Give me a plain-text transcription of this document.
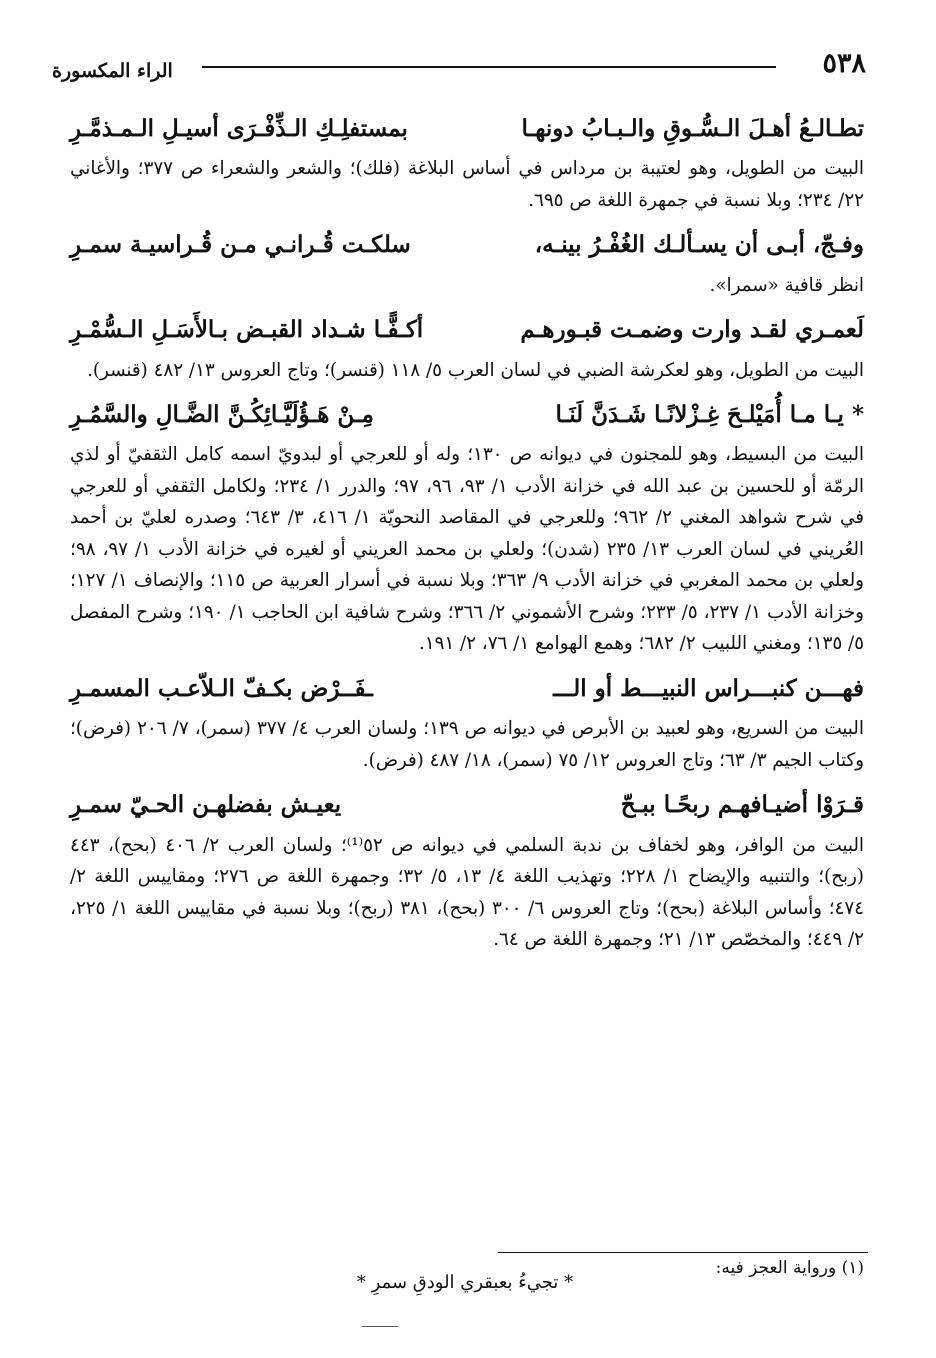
٥٣٨
الراء المكسورة
تطـالـعُ أهـلَ الـسُّـوقِ والـبـابُ دونهـا
بمستفلِـكِ الـذِّفْـرَى أسيـلِ الـمـذمَّـرِ

البيت من الطويل، وهو لعتيبة بن مرداس في أساس البلاغة (فلك)؛ والشعر والشعراء ص ٣٧٧؛ والأغاني ٢٢/ ٢٣٤؛ وبلا نسبة في جمهرة اللغة ص ٦٩٥.

وفـجّ، أبـى أن يسـألـك الغُفْـرُ بينـه،
سلكـت قُـرانـي مـن قُـراسيـة سمـرِ

انظر قافية «سمرا».

لَعمـري لقـد وارت وضمـت قبـورهـم
أكـفًّـا شـداد القبـض بـالأَسَـلِ الـسُّمْـرِ

البيت من الطويل، وهو لعكرشة الضبي في لسان العرب ٥/ ١١٨ (قنسر)؛ وتاج العروس ١٣/ ٤٨٢ (قنسر).

* يـا مـا أُمَيْلـحَ غِـزْلانًـا شَـدَنَّ لَنَـا
مِـنْ هَـؤُلَيَّـائِكُـنَّ الضَّـالِ والسَّمُـرِ

البيت من البسيط، وهو للمجنون في ديوانه ص ١٣٠؛ وله أو للعرجي أو لبدويّ اسمه كامل الثقفيّ أو لذي الرمّة أو للحسين بن عبد الله في خزانة الأدب ١/ ٩٣، ٩٦، ٩٧؛ والدرر ١/ ٢٣٤؛ ولكامل الثقفي أو للعرجي في شرح شواهد المغني ٢/ ٩٦٢؛ وللعرجي في المقاصد النحويّة ١/ ٤١٦، ٣/ ٦٤٣؛ وصدره لعليّ بن أحمد العُريني في لسان العرب ١٣/ ٢٣٥ (شدن)؛ ولعلي بن محمد العريني أو لغيره في خزانة الأدب ١/ ٩٧، ٩٨؛ ولعلي بن محمد المغربي في خزانة الأدب ٩/ ٣٦٣؛ وبلا نسبة في أسرار العربية ص ١١٥؛ والإنصاف ١/ ١٢٧؛ وخزانة الأدب ١/ ٢٣٧، ٥/ ٢٣٣؛ وشرح الأشموني ٢/ ٣٦٦؛ وشرح شافية ابن الحاجب ١/ ١٩٠؛ وشرح المفصل ٥/ ١٣٥؛ ومغني اللبيب ٢/ ٦٨٢؛ وهمع الهوامع ١/ ٧٦، ٢/ ١٩١.

فهـــن كنبـــراس النبيـــط أو الـــ
ـفَــرْض بكـفّ الـلاّعـب المسمـرِ

البيت من السريع، وهو لعبيد بن الأبرص في ديوانه ص ١٣٩؛ ولسان العرب ٤/ ٣٧٧ (سمر)، ٧/ ٢٠٦ (فرض)؛ وكتاب الجيم ٣/ ٦٣؛ وتاج العروس ١٢/ ٧٥ (سمر)، ١٨/ ٤٨٧ (فرض).

قـرَوْا أضيـافهـم ربحًـا ببـحّ
يعيـش بفضلهـن الحـيّ سمـرِ

البيت من الوافر، وهو لخفاف بن ندبة السلمي في ديوانه ص ٥٢⁽¹⁾؛ ولسان العرب ٢/ ٤٠٦ (بحح)، ٤٤٣ (ربح)؛ والتنبيه والإيضاح ١/ ٢٢٨؛ وتهذيب اللغة ٤/ ١٣، ٥/ ٣٢؛ وجمهرة اللغة ص ٢٧٦؛ ومقاييس اللغة ٢/ ٤٧٤؛ وأساس البلاغة (بحح)؛ وتاج العروس ٦/ ٣٠٠ (بحح)، ٣٨١ (ربح)؛ وبلا نسبة في مقاييس اللغة ١/ ٢٢٥، ٢/ ٤٤٩؛ والمخصّص ١٣/ ٢١؛ وجمهرة اللغة ص ٦٤.

(١) ورواية العجز فيه:
* تجيءُ بعبقري الودقِ سمرِ *
